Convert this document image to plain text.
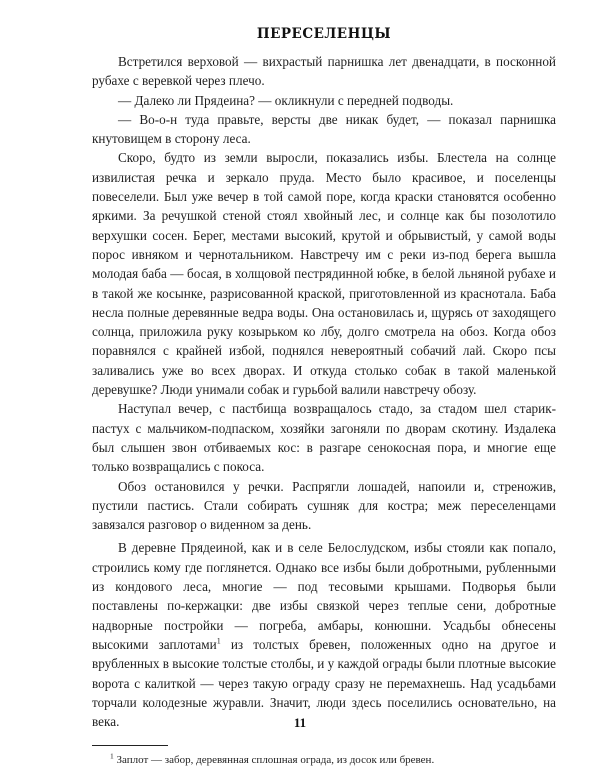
ПЕРЕСЕЛЕНЦЫ

Встретился верховой — вихрастый парнишка лет двенадцати, в посконной рубахе с веревкой через плечо.

— Далеко ли Прядеина? — окликнули с передней подводы.

— Во-о-н туда правьте, версты две никак будет, — показал парнишка кнутовищем в сторону леса.

Скоро, будто из земли выросли, показались избы. Блестела на солнце извилистая речка и зеркало пруда. Место было красивое, и поселенцы повеселели. Был уже вечер в той самой поре, когда краски становятся особенно яркими. За речушкой стеной стоял хвойный лес, и солнце как бы позолотило верхушки сосен. Берег, местами высокий, крутой и обрывистый, у самой воды порос ивняком и чернотальником. Навстречу им с реки из-под берега вышла молодая баба — босая, в холщовой пестрядинной юбке, в белой льняной рубахе и в такой же косынке, разрисованной краской, приготовленной из краснотала. Баба несла полные деревянные ведра воды. Она остановилась и, щурясь от заходящего солнца, приложила руку козырьком ко лбу, долго смотрела на обоз. Когда обоз поравнялся с крайней избой, поднялся невероятный собачий лай. Скоро псы заливались уже во всех дворах. И откуда столько собак в такой маленькой деревушке? Люди унимали собак и гурьбой валили навстречу обозу.

Наступал вечер, с пастбища возвращалось стадо, за стадом шел старик-пастух с мальчиком-подпаском, хозяйки загоняли по дворам скотину. Издалека был слышен звон отбиваемых кос: в разгаре сенокосная пора, и многие еще только возвращались с покоса.

Обоз остановился у речки. Распрягли лошадей, напоили и, стреножив, пустили пастись. Стали собирать сушняк для костра; меж переселенцами завязался разговор о виденном за день.

В деревне Прядеиной, как и в селе Белослудском, избы стояли как попало, строились кому где поглянется. Однако все избы были добротными, рубленными из кондового леса, многие — под тесовыми крышами. Подворья были поставлены по-кержацки: две избы связкой через теплые сени, добротные надворные постройки — погреба, амбары, конюшни. Усадьбы обнесены высокими заплотами$^1$ из толстых бревен, положенных одно на другое и врубленных в высокие толстые столбы, и у каждой ограды были плотные высокие ворота с калиткой — через такую ограду сразу не перемахнешь. Над усадьбами торчали колодезные журавли. Значит, люди здесь поселились основательно, на века.

$^1$ Заплот — забор, деревянная сплошная ограда, из досок или бревен.

11
